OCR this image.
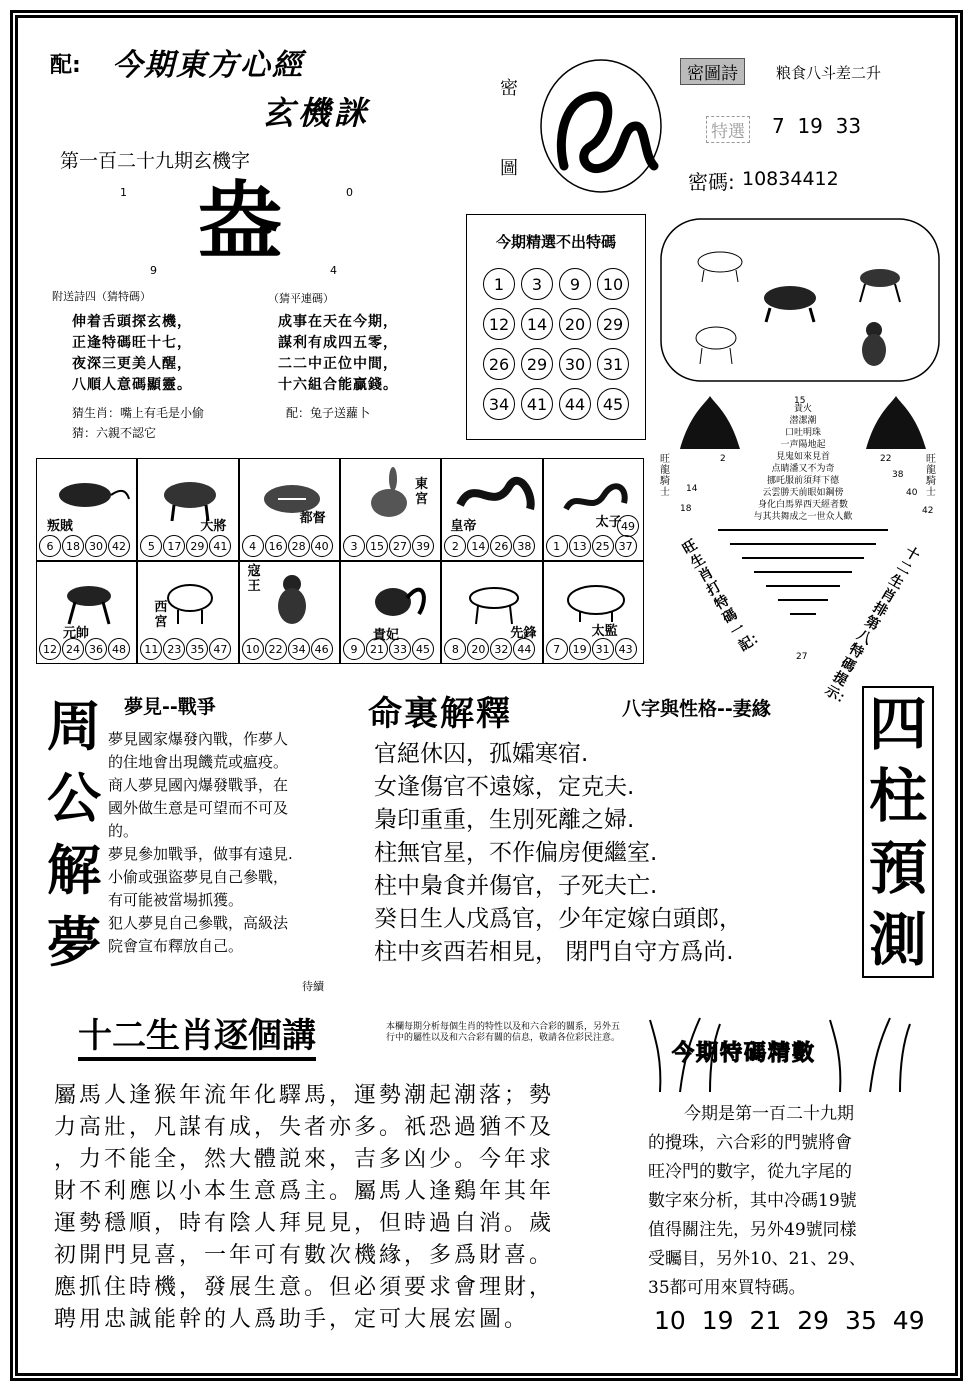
配: 今期東方心經
玄機詸
第一百二十九期玄機字
1	0
9	4
盎
附送詩四（猜特碼）	（猜平連碼）
伸着舌頭探玄機，
正逢特碼旺十七，
夜深三更美人醒，
八順人意碼顯靈。
成事在天在今期，
謀利有成四五零，
二二中正位中間，
十六組合能贏錢。
猜生肖：嘴上有毛是小偷	配：兔子送蘿卜
猜：六親不認它
密
圖
密圖詩	粮食八斗差二升
特選 7  19  33
密碼: 10834412
今期精選不出特碼
1	3	9	10
12	14	20	29
26	29	30	31
34	41	44	45
叛賊
6	18 30 42
大將
5	17 29 41
都督
4	16 28 40
東宮
3	15 27 39
皇帝
2	14 26 38
太子 49
1	13 25 37
元帥
12 24 36 48
西宮
11 23 35 47
寇王
10 22 34 46
貴妃
9	21 33 45
先鋒
8	20 32 44
太監
7	19 31 43
旺龍騎士
旺龍騎士
15
2
14
18
22
38
40
42
27
貴火
潜潔潮
口吐明珠
一声陽地起
見鬼如來見首
点睛潘又不为奇
挪吒服前須拜下德
云雲勝天前眼如鋼傍
身化白馬界西天經者數
与其共舞成之一世众人歡
旺生肖打特碼一記：
十二生肖排第八特碼提示：
周公解夢
夢見--戰爭
夢見國家爆發內戰，作夢人
的住地會出現饑荒或瘟疫。
商人夢見國內爆發戰爭，在
國外做生意是可望而不可及
的。
夢見參加戰爭，做事有遠見.
小偷或强盜夢見自己參戰，
有可能被當場抓獲。
犯人夢見自己參戰，高級法
院會宣布釋放自己。
待續
命裏解釋	八字與性格--妻緣
官絕休囚，孤孀寒宿.
女逢傷官不遠嫁，定克夫.
梟印重重，生別死離之婦.
柱無官星，不作偏房便繼室.
柱中梟食并傷官，子死夫亡.
癸日生人戊爲官，少年定嫁白頭郎，
柱中亥酉若相見， 閉門自守方爲尚.
四柱預測
十二生肖逐個講	本欄每期分析每個生肖的特性以及和六合彩的關系，另外五行中的屬性以及和六合彩有關的信息，敬請各位彩民注意。
屬馬人逢猴年流年化驛馬，運勢潮起潮落；勢
力高壯，凡謀有成，失者亦多。祇恐過猶不及
，力不能全，然大體説來，吉多凶少。今年求
財不利應以小本生意爲主。屬馬人逢鷄年其年
運勢穩順，時有陰人拜見見，但時過自消。歲
初開門見喜，一年可有數次機緣，多爲財喜。
應抓住時機，發展生意。但必須要求會理財，
聘用忠誠能幹的人爲助手，定可大展宏圖。
今期特碼精數
今期是第一百二十九期
的攪珠，六合彩的門號將會
旺冷門的數字，從九字尾的
數字來分析，其中冷碼19號
值得關注先，另外49號同樣
受矚目，另外10、21、29、
35都可用來買特碼。
10 19 21 29 35 49
